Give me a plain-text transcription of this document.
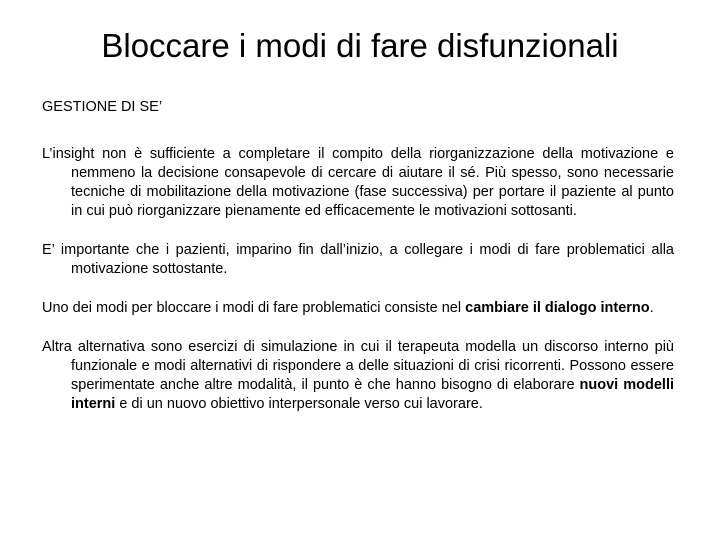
Bloccare i modi di fare disfunzionali

GESTIONE DI SE’

L’insight non è sufficiente a completare il compito della riorganizzazione della motivazione e nemmeno la decisione consapevole di cercare di aiutare il sé. Più spesso, sono necessarie tecniche di mobilitazione della motivazione (fase successiva) per portare il paziente al punto in cui può riorganizzare pienamente ed efficacemente le motivazioni sottosanti.

E’ importante che i pazienti, imparino fin dall’inizio, a collegare i modi di fare problematici alla motivazione sottostante.

Uno dei modi per bloccare i modi di fare problematici consiste nel cambiare il dialogo interno.

Altra alternativa sono esercizi di simulazione in cui il terapeuta modella un discorso interno più funzionale e modi alternativi di rispondere a delle situazioni di crisi ricorrenti. Possono essere sperimentate anche altre modalità, il punto è che hanno bisogno di elaborare nuovi modelli interni e di un nuovo obiettivo interpersonale verso cui lavorare.
